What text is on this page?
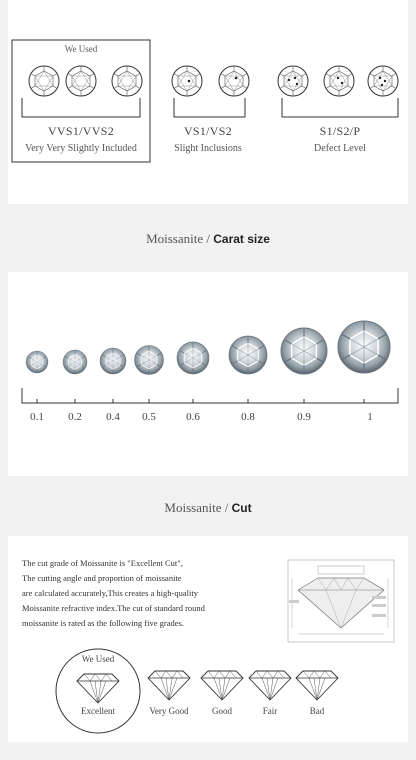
We Used
VVS1/VVS2
Very Very Slightly Included
VS1/VS2
Slight Inclusions
S1/S2/P
Defect Level
Moissanite / Carat size
0.1	0.2	0.4	0.5	0.6	0.8	0.9	1
Moissanite / Cut
The cut grade of Moissanite is "Excellent Cut",
The cutting angle and proportion of moissanite
are calculated accurately,This creates a high-quality
Moissanite refractive index.The cut of standard round
moissanite is rated as the following five grades.
We Used
Excellent	Very Good	Good	Fair	Bad
